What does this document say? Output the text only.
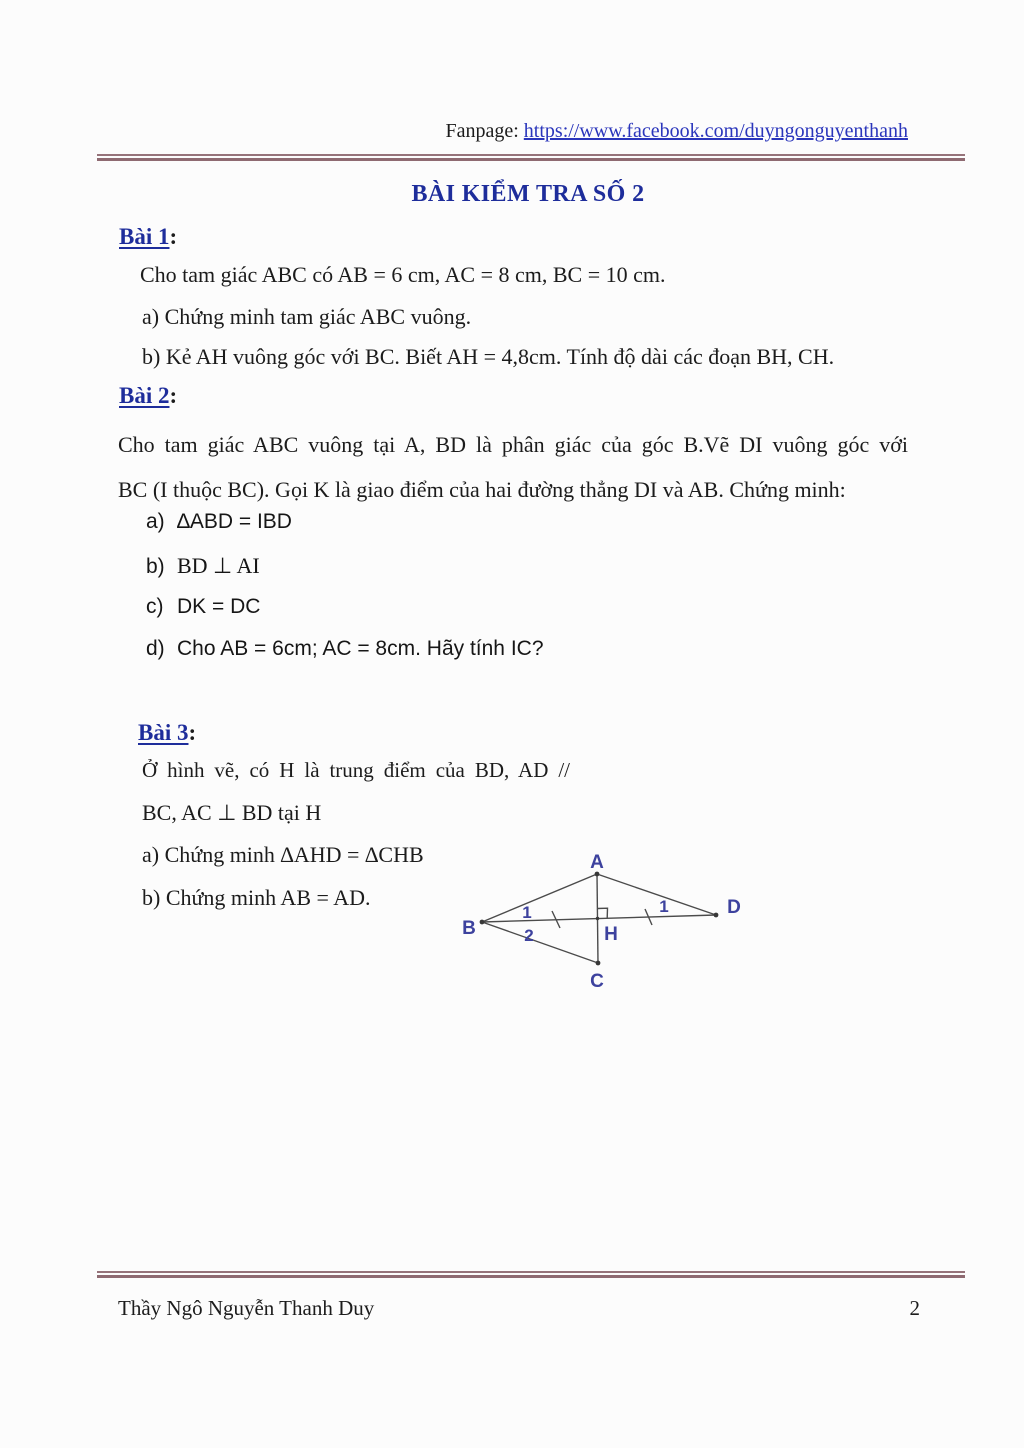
Fanpage: https://www.facebook.com/duyngonguyenthanh
BÀI KIỂM TRA SỐ 2
Bài 1:
Cho tam giác ABC có AB = 6 cm, AC = 8 cm, BC = 10 cm.
a) Chứng minh tam giác ABC vuông.
b) Kẻ AH vuông góc với BC. Biết AH = 4,8cm. Tính độ dài các đoạn BH, CH.
Bài 2:
Cho tam giác ABC vuông tại A, BD là phân giác của góc B.Vẽ DI vuông góc với
BC (I thuộc BC). Gọi K là giao điểm của hai đường thẳng DI và AB. Chứng minh:
a) ∆ABD = IBD
b) BD ⊥ AI
c) DK = DC
d) Cho AB = 6cm; AC = 8cm. Hãy tính IC?
Bài 3:
Ở hình vẽ, có H là trung điểm của BD, AD //
BC, AC ⊥ BD tại H
a) Chứng minh ∆AHD = ∆CHB
b) Chứng minh AB = AD.
A
B
D
C
H
1
2
1
Thầy Ngô Nguyễn Thanh Duy	2
